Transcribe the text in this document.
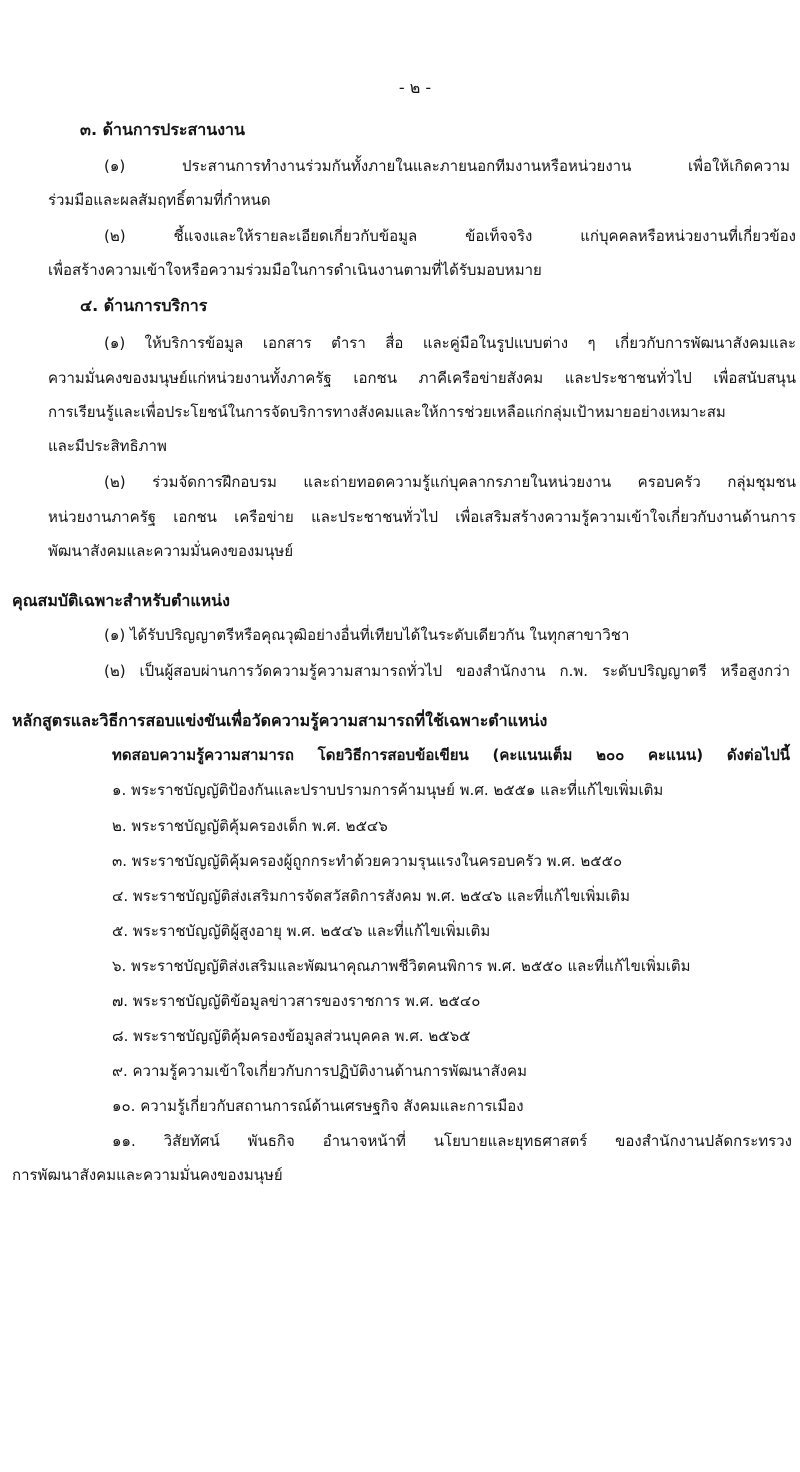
- ๒ -
๓. ด้านการประสานงาน
(๑) ประสานการทำงานร่วมกันทั้งภายในและภายนอกทีมงานหรือหน่วยงาน เพื่อให้เกิดความ
ร่วมมือและผลสัมฤทธิ์ตามที่กำหนด
(๒) ชี้แจงและให้รายละเอียดเกี่ยวกับข้อมูล ข้อเท็จจริง แก่บุคคลหรือหน่วยงานที่เกี่ยวข้อง
เพื่อสร้างความเข้าใจหรือความร่วมมือในการดำเนินงานตามที่ได้รับมอบหมาย
๔. ด้านการบริการ
(๑) ให้บริการข้อมูล เอกสาร ตำรา สื่อ และคู่มือในรูปแบบต่าง ๆ เกี่ยวกับการพัฒนาสังคมและ
ความมั่นคงของมนุษย์แก่หน่วยงานทั้งภาครัฐ เอกชน ภาคีเครือข่ายสังคม และประชาชนทั่วไป เพื่อสนับสนุน
การเรียนรู้และเพื่อประโยชน์ในการจัดบริการทางสังคมและให้การช่วยเหลือแก่กลุ่มเป้าหมายอย่างเหมาะสม
และมีประสิทธิภาพ
(๒) ร่วมจัดการฝึกอบรม และถ่ายทอดความรู้แก่บุคลากรภายในหน่วยงาน ครอบครัว กลุ่มชุมชน
หน่วยงานภาครัฐ เอกชน เครือข่าย และประชาชนทั่วไป เพื่อเสริมสร้างความรู้ความเข้าใจเกี่ยวกับงานด้านการ
พัฒนาสังคมและความมั่นคงของมนุษย์
คุณสมบัติเฉพาะสำหรับตำแหน่ง
(๑) ได้รับปริญญาตรีหรือคุณวุฒิอย่างอื่นที่เทียบได้ในระดับเดียวกัน ในทุกสาขาวิชา
(๒) เป็นผู้สอบผ่านการวัดความรู้ความสามารถทั่วไป ของสำนักงาน ก.พ. ระดับปริญญาตรี หรือสูงกว่า
หลักสูตรและวิธีการสอบแข่งขันเพื่อวัดความรู้ความสามารถที่ใช้เฉพาะตำแหน่ง
ทดสอบความรู้ความสามารถ โดยวิธีการสอบข้อเขียน (คะแนนเต็ม ๒๐๐ คะแนน) ดังต่อไปนี้
๑. พระราชบัญญัติป้องกันและปราบปรามการค้ามนุษย์ พ.ศ. ๒๕๕๑ และที่แก้ไขเพิ่มเติม
๒. พระราชบัญญัติคุ้มครองเด็ก พ.ศ. ๒๕๔๖
๓. พระราชบัญญัติคุ้มครองผู้ถูกกระทำด้วยความรุนแรงในครอบครัว พ.ศ. ๒๕๕๐
๔. พระราชบัญญัติส่งเสริมการจัดสวัสดิการสังคม พ.ศ. ๒๕๔๖ และที่แก้ไขเพิ่มเติม
๕. พระราชบัญญัติผู้สูงอายุ พ.ศ. ๒๕๔๖ และที่แก้ไขเพิ่มเติม
๖. พระราชบัญญัติส่งเสริมและพัฒนาคุณภาพชีวิตคนพิการ พ.ศ. ๒๕๕๐ และที่แก้ไขเพิ่มเติม
๗. พระราชบัญญัติข้อมูลข่าวสารของราชการ พ.ศ. ๒๕๔๐
๘. พระราชบัญญัติคุ้มครองข้อมูลส่วนบุคคล พ.ศ. ๒๕๖๕
๙. ความรู้ความเข้าใจเกี่ยวกับการปฏิบัติงานด้านการพัฒนาสังคม
๑๐. ความรู้เกี่ยวกับสถานการณ์ด้านเศรษฐกิจ สังคมและการเมือง
๑๑. วิสัยทัศน์ พันธกิจ อำนาจหน้าที่ นโยบายและยุทธศาสตร์ ของสำนักงานปลัดกระทรวง
การพัฒนาสังคมและความมั่นคงของมนุษย์
